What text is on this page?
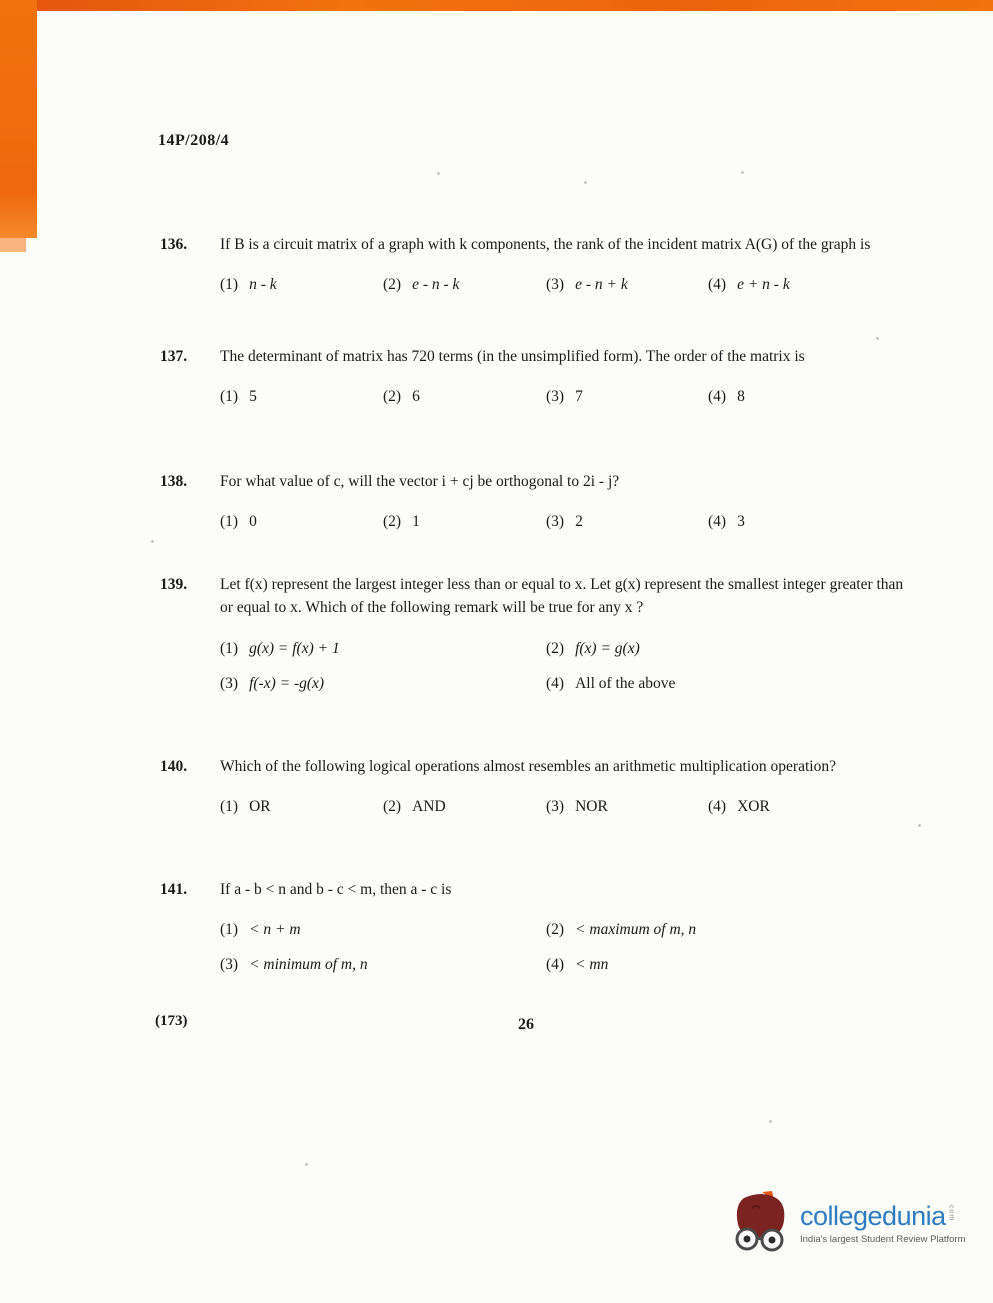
14P/208/4
136.	If B is a circuit matrix of a graph with k components, the rank of the incident matrix A(G) of the graph is
(1) n - k	(2) e - n - k	(3) e - n + k	(4) e + n - k
137.	The determinant of matrix has 720 terms (in the unsimplified form). The order of the matrix is
(1) 5	(2) 6	(3) 7	(4) 8
138.	For what value of c, will the vector i + cj be orthogonal to 2i - j?
(1) 0	(2) 1	(3) 2	(4) 3
139.	Let f(x) represent the largest integer less than or equal to x. Let g(x) represent the smallest integer greater than or equal to x. Which of the following remark will be true for any x ?
(1) g(x) = f(x) + 1	(2) f(x) = g(x)
(3) f(-x) = -g(x)	(4) All of the above
140.	Which of the following logical operations almost resembles an arithmetic multiplication operation?
(1) OR	(2) AND	(3) NOR	(4) XOR
141.	If a - b < n and b - c < m, then a - c is
(1) < n + m	(2) < maximum of m, n
(3) < minimum of m, n	(4) < mn
(173)	26
collegedunia com
India's largest Student Review Platform
